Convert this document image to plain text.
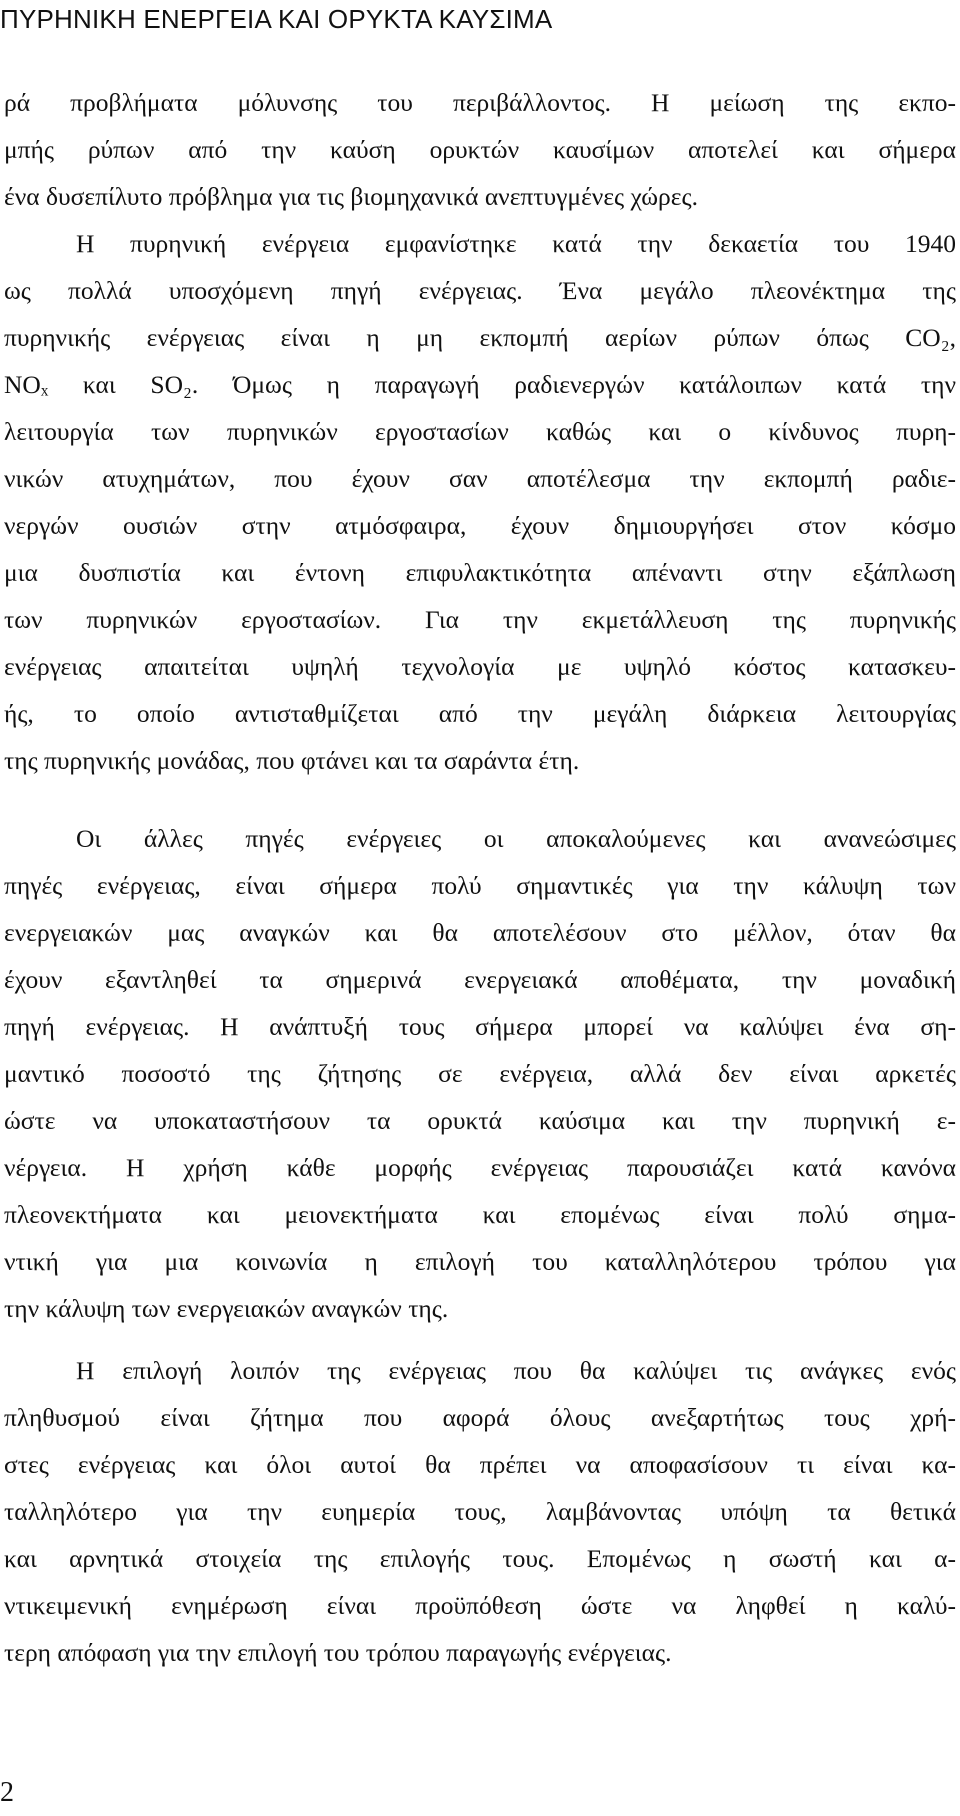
ΠΥΡΗΝΙΚΗ ΕΝΕΡΓΕΙΑ ΚΑΙ ΟΡΥΚΤΑ ΚΑΥΣΙΜΑ
ρά προβλήματα μόλυνσης του περιβάλλοντος. Η μείωση της εκπο-
μπής ρύπων από την καύση ορυκτών καυσίμων αποτελεί και σήμερα
ένα δυσεπίλυτο πρόβλημα για τις βιομηχανικά ανεπτυγμένες χώρες.
Η πυρηνική ενέργεια εμφανίστηκε κατά την δεκαετία του 1940
ως πολλά υποσχόμενη πηγή ενέργειας. Ένα μεγάλο πλεονέκτημα της
πυρηνικής ενέργειας είναι η μη εκπομπή αερίων ρύπων όπως CO₂,
NOₓ και SO₂. Όμως η παραγωγή ραδιενεργών κατάλοιπων κατά την
λειτουργία των πυρηνικών εργοστασίων καθώς και ο κίνδυνος πυρη-
νικών ατυχημάτων, που έχουν σαν αποτέλεσμα την εκπομπή ραδιε-
νεργών ουσιών στην ατμόσφαιρα, έχουν δημιουργήσει στον κόσμο
μια δυσπιστία και έντονη επιφυλακτικότητα απέναντι στην εξάπλωση
των πυρηνικών εργοστασίων. Για την εκμετάλλευση της πυρηνικής
ενέργειας απαιτείται υψηλή τεχνολογία με υψηλό κόστος κατασκευ-
ής, το οποίο αντισταθμίζεται από την μεγάλη διάρκεια λειτουργίας
της πυρηνικής μονάδας, που φτάνει και τα σαράντα έτη.
Οι άλλες πηγές ενέργειες οι αποκαλούμενες και ανανεώσιμες
πηγές ενέργειας, είναι σήμερα πολύ σημαντικές για την κάλυψη των
ενεργειακών μας αναγκών και θα αποτελέσουν στο μέλλον, όταν θα
έχουν εξαντληθεί τα σημερινά ενεργειακά αποθέματα, την μοναδική
πηγή ενέργειας. Η ανάπτυξή τους σήμερα μπορεί να καλύψει ένα ση-
μαντικό ποσοστό της ζήτησης σε ενέργεια, αλλά δεν είναι αρκετές
ώστε να υποκαταστήσουν τα ορυκτά καύσιμα και την πυρηνική ε-
νέργεια. Η χρήση κάθε μορφής ενέργειας παρουσιάζει κατά κανόνα
πλεονεκτήματα και μειονεκτήματα και επομένως είναι πολύ σημα-
ντική για μια κοινωνία η επιλογή του καταλληλότερου τρόπου για
την κάλυψη των ενεργειακών αναγκών της.
Η επιλογή λοιπόν της ενέργειας που θα καλύψει τις ανάγκες ενός
πληθυσμού είναι ζήτημα που αφορά όλους ανεξαρτήτως τους χρή-
στες ενέργειας και όλοι αυτοί θα πρέπει να αποφασίσουν τι είναι κα-
ταλληλότερο για την ευημερία τους, λαμβάνοντας υπόψη τα θετικά
και αρνητικά στοιχεία της επιλογής τους. Επομένως η σωστή και α-
ντικειμενική ενημέρωση είναι προϋπόθεση ώστε να ληφθεί η καλύ-
τερη απόφαση για την επιλογή του τρόπου παραγωγής ενέργειας.
2
